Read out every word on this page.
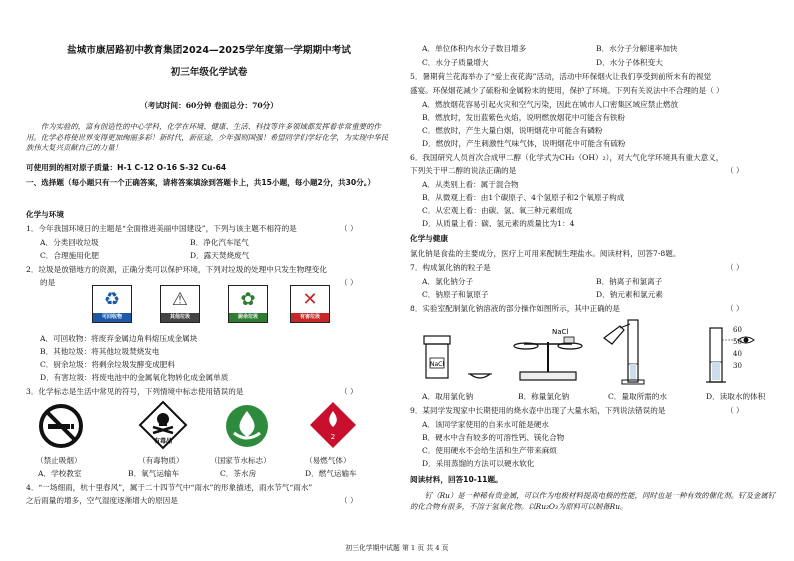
盐城市康居路初中教育集团2024—2025学年度第一学期期中考试
初三年级化学试卷
（考试时间：60分钟 卷面总分：70分）
作为实验的，富有创造性的中心学科，化学在环境、健康、生活、科技等许多领域都发挥着非常重要的作用。化学必将使世界变得更加绚丽多彩！新时代，新征途，少年强则国强！希望同学们学好化学，为实现中华民族伟大复兴贡献自己的力量！
可使用到的相对原子质量：H-1 C-12 O-16 S-32 Cu-64
一、选择题（每小题只有一个正确答案，请将答案填涂到答题卡上，共15小题，每小题2分，共30分。）
化学与环境
1．今年我国环境日的主题是“全面推进美丽中国建设”，下列与该主题不相符的是	（ ）
A．分类回收垃圾	B．净化汽车尾气
C．合理施用化肥	D．露天焚烧废气
2．垃圾是放错地方的资源，正确分类可以保护环境，下列对垃圾的处理中只发生物理变化
的是	（ ）
♻
可回收物
⚠
其他垃圾
✿
厨余垃圾
✕
有害垃圾
A．可回收物：将废弃金属边角料熔压成金属块
B．其他垃圾：将其他垃圾焚烧发电
C．厨余垃圾：将剩余垃圾发酵变成肥料
D．有害垃圾：将废电池中的金属氧化物转化成金属单质
3．化学标志是生活中常见的符号，下列情境中标志使用错误的是	（ ）
有毒品
2
（禁止吸烟）	（有毒物质）	（国家节水标志）	（易燃气体）
A．学校教室	B．氧气运输车	C．茶水房	D．燃气运输车
4．“一场细雨，杭十里春风”，属于二十四节气中“雨水”的形象描述，雨水节气“雨水”
之后雨量的增多，空气湿度逐渐增大的原因是	（ ）
A．单位体积内水分子数目增多	B．水分子分解速率加快
C．水分子质量增大	D．水分子体积变大
5．暑期荷兰花海举办了“爱上夜花海”活动，活动中环保烟火让我们享受到前所未有的视觉
盛宴。环保烟花减少了硫粉和金属粉末的使用，保护了环境。下列有关说法中不合理的是（ ）
A．燃放烟花容易引起火灾和空气污染，因此在城市人口密集区域应禁止燃放
B．燃放时，发出蓝紫色火焰，说明燃放烟花中可能含有铁粉
C．燃放时，产生大量白烟，说明烟花中可能含有磷粉
D．燃放时，产生刺激性气味气体，说明烟花中可能含有硫粉
6．我国研究人员首次合成甲二醇（化学式为CH₂（OH）₂），对大气化学环境具有重大意义，
下列关于甲二醇的说法正确的是	（ ）
A．从类别上看：属于混合物
B．从微观上看：由1个碳原子、4个氢原子和2个氧原子构成
C．从宏观上看：由碳、氢、氧三种元素组成
D．从质量上看：碳、氢元素的质量比为1：4
化学与健康
氯化钠是食盐的主要成分，医疗上可用来配制生理盐水。阅读材料，回答7-8题。
7．构成氯化钠的粒子是	（ ）
A．氯化钠分子	B．钠离子和氯离子
C．钠原子和氯原子	D．钠元素和氯元素
8．实验室配制氯化钠溶液的部分操作如图所示，其中正确的是	（ ）
NaCl
NaCl	60
50
40
30
A．取用氯化钠	B．称量氯化钠	C．量取所需的水	D．读取水的体积
9．某同学发现家中长期使用的烧水壶中出现了大量水垢，下列说法错误的是	（ ）
A．该同学家使用的自来水可能是硬水
B．硬水中含有较多的可溶性钙、镁化合物
C．使用硬水不会给生活和生产带来麻烦
D．采用蒸馏的方法可以硬水软化
阅读材料，回答10-11题。
钌（Ru）是一种稀有贵金属，可以作为电极材料提高电极的性能，同时也是一种有效的催化剂。钌及金属钌的化合物有很多，不溶于氢氧化物。以Ru₂O₃为原料可以制备Ru。
初三化学期中试题 第 1 页 共 4 页
